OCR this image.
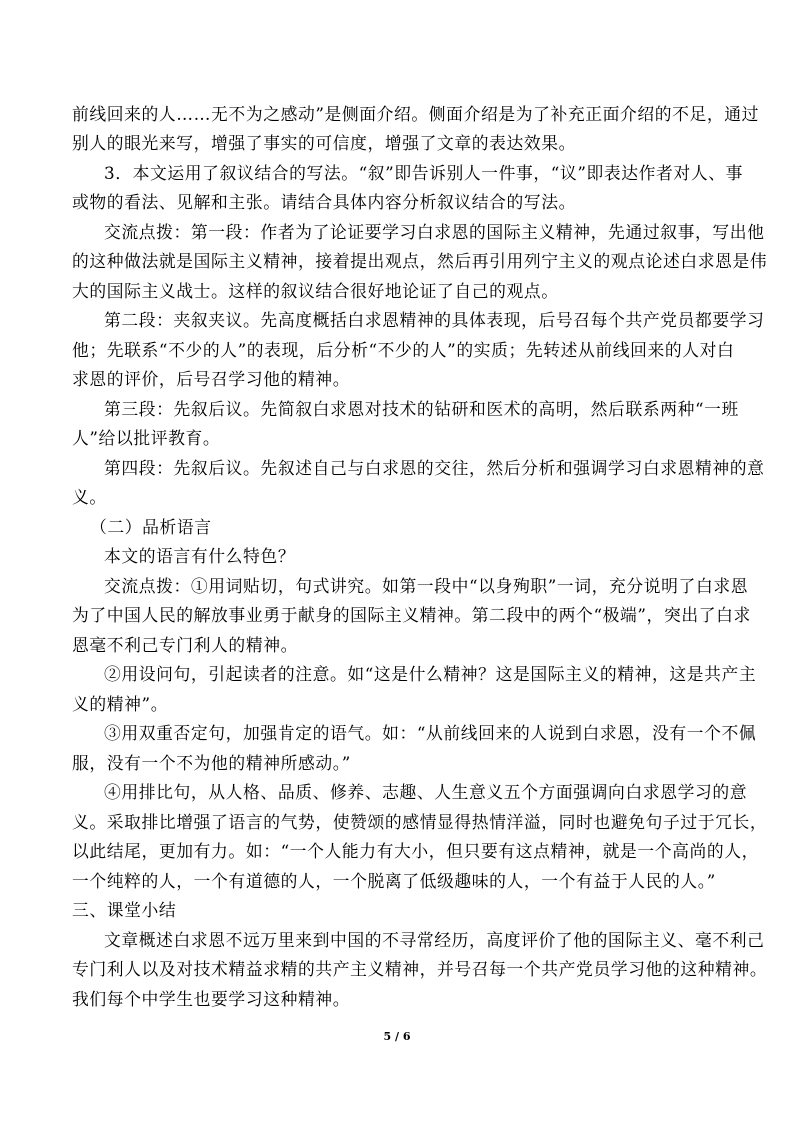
前线回来的人……无不为之感动”是侧面介绍。侧面介绍是为了补充正面介绍的不足，通过
别人的眼光来写，增强了事实的可信度，增强了文章的表达效果。
3．本文运用了叙议结合的写法。“叙”即告诉别人一件事，“议”即表达作者对人、事
或物的看法、见解和主张。请结合具体内容分析叙议结合的写法。
交流点拨：第一段：作者为了论证要学习白求恩的国际主义精神，先通过叙事，写出他
的这种做法就是国际主义精神，接着提出观点，然后再引用列宁主义的观点论述白求恩是伟
大的国际主义战士。这样的叙议结合很好地论证了自己的观点。
第二段：夹叙夹议。先高度概括白求恩精神的具体表现，后号召每个共产党员都要学习
他；先联系“不少的人”的表现，后分析“不少的人”的实质；先转述从前线回来的人对白
求恩的评价，后号召学习他的精神。
第三段：先叙后议。先简叙白求恩对技术的钻研和医术的高明，然后联系两种“一班
人”给以批评教育。
第四段：先叙后议。先叙述自己与白求恩的交往，然后分析和强调学习白求恩精神的意
义。
（二）品析语言
本文的语言有什么特色？
交流点拨：①用词贴切，句式讲究。如第一段中“以身殉职”一词，充分说明了白求恩
为了中国人民的解放事业勇于献身的国际主义精神。第二段中的两个“极端”，突出了白求
恩毫不利己专门利人的精神。
②用设问句，引起读者的注意。如“这是什么精神？这是国际主义的精神，这是共产主
义的精神”。
③用双重否定句，加强肯定的语气。如：“从前线回来的人说到白求恩，没有一个不佩
服，没有一个不为他的精神所感动。”
④用排比句，从人格、品质、修养、志趣、人生意义五个方面强调向白求恩学习的意
义。采取排比增强了语言的气势，使赞颂的感情显得热情洋溢，同时也避免句子过于冗长，
以此结尾，更加有力。如：“一个人能力有大小，但只要有这点精神，就是一个高尚的人，
一个纯粹的人，一个有道德的人，一个脱离了低级趣味的人，一个有益于人民的人。”
三、课堂小结
文章概述白求恩不远万里来到中国的不寻常经历，高度评价了他的国际主义、毫不利己
专门利人以及对技术精益求精的共产主义精神，并号召每一个共产党员学习他的这种精神。
我们每个中学生也要学习这种精神。
5 / 6
